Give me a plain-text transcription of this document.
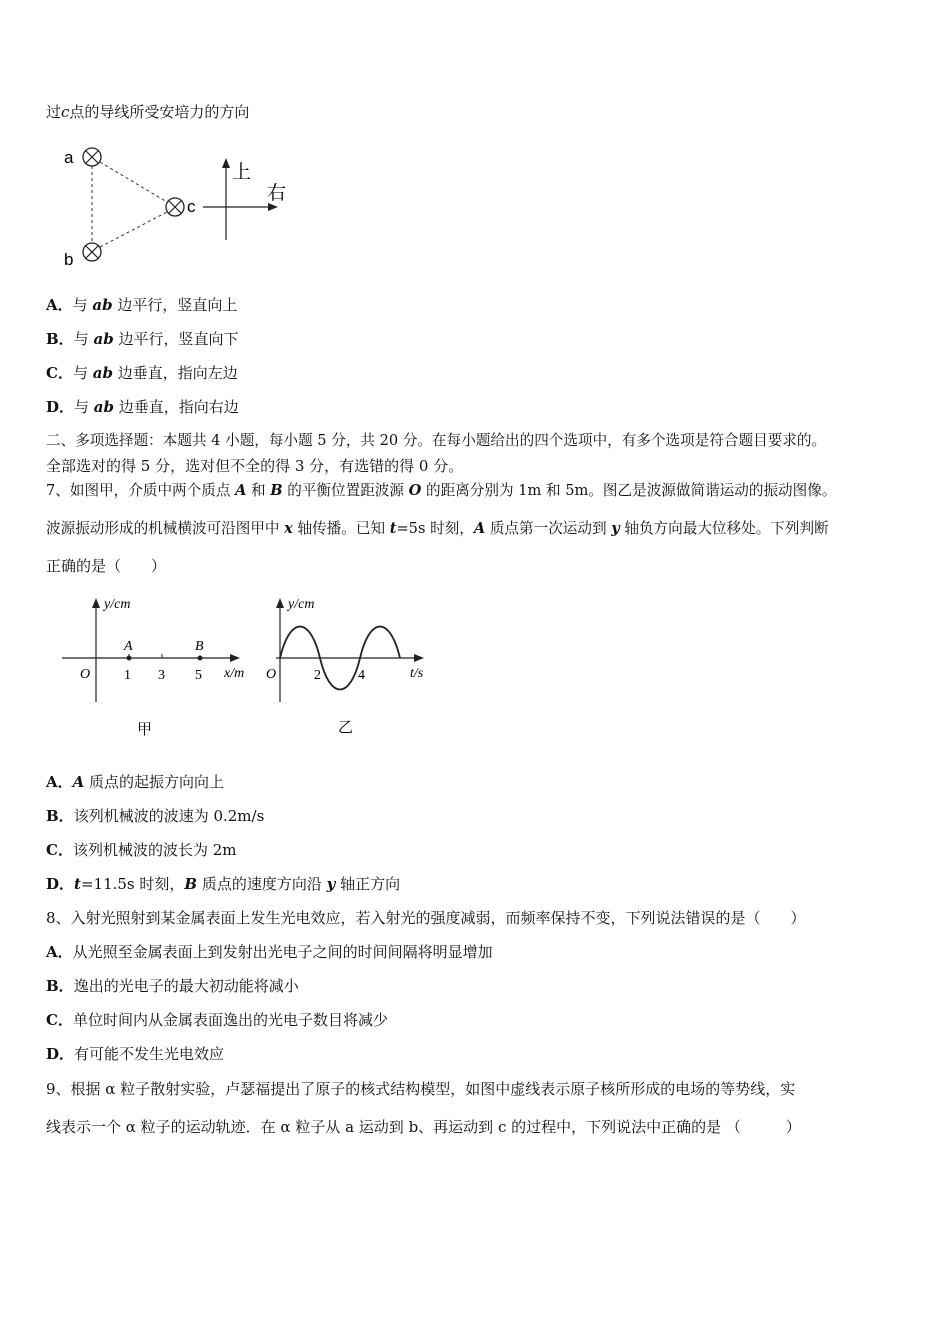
过c点的导线所受安培力的方向
a
b
c
上
右
A．与 ab 边平行，竖直向上
B．与 ab 边平行，竖直向下
C．与 ab 边垂直，指向左边
D．与 ab 边垂直，指向右边
二、多项选择题：本题共 4 小题，每小题 5 分，共 20 分。在每小题给出的四个选项中，有多个选项是符合题目要求的。
全部选对的得 5 分，选对但不全的得 3 分，有选错的得 0 分。
7、如图甲，介质中两个质点 A 和 B 的平衡位置距波源 O 的距离分别为 1m 和 5m。图乙是波源做简谐运动的振动图像。
波源振动形成的机械横波可沿图甲中 x 轴传播。已知 t=5s 时刻，A 质点第一次运动到 y 轴负方向最大位移处。下列判断
正确的是（　　）
y/cm
O
A	B
1 3 5 x/m
甲
y/cm
O	2	4	t/s
乙
A．A 质点的起振方向向上
B．该列机械波的波速为 0.2m/s
C．该列机械波的波长为 2m
D．t=11.5s 时刻，B 质点的速度方向沿 y 轴正方向
8、入射光照射到某金属表面上发生光电效应，若入射光的强度减弱，而频率保持不变，下列说法错误的是（　　）
A．从光照至金属表面上到发射出光电子之间的时间间隔将明显增加
B．逸出的光电子的最大初动能将减小
C．单位时间内从金属表面逸出的光电子数目将减少
D．有可能不发生光电效应
9、根据 α 粒子散射实验，卢瑟福提出了原子的核式结构模型，如图中虚线表示原子核所形成的电场的等势线，实
线表示一个 α 粒子的运动轨迹．在 α 粒子从 a 运动到 b、再运动到 c 的过程中，下列说法中正确的是 （　　　）
